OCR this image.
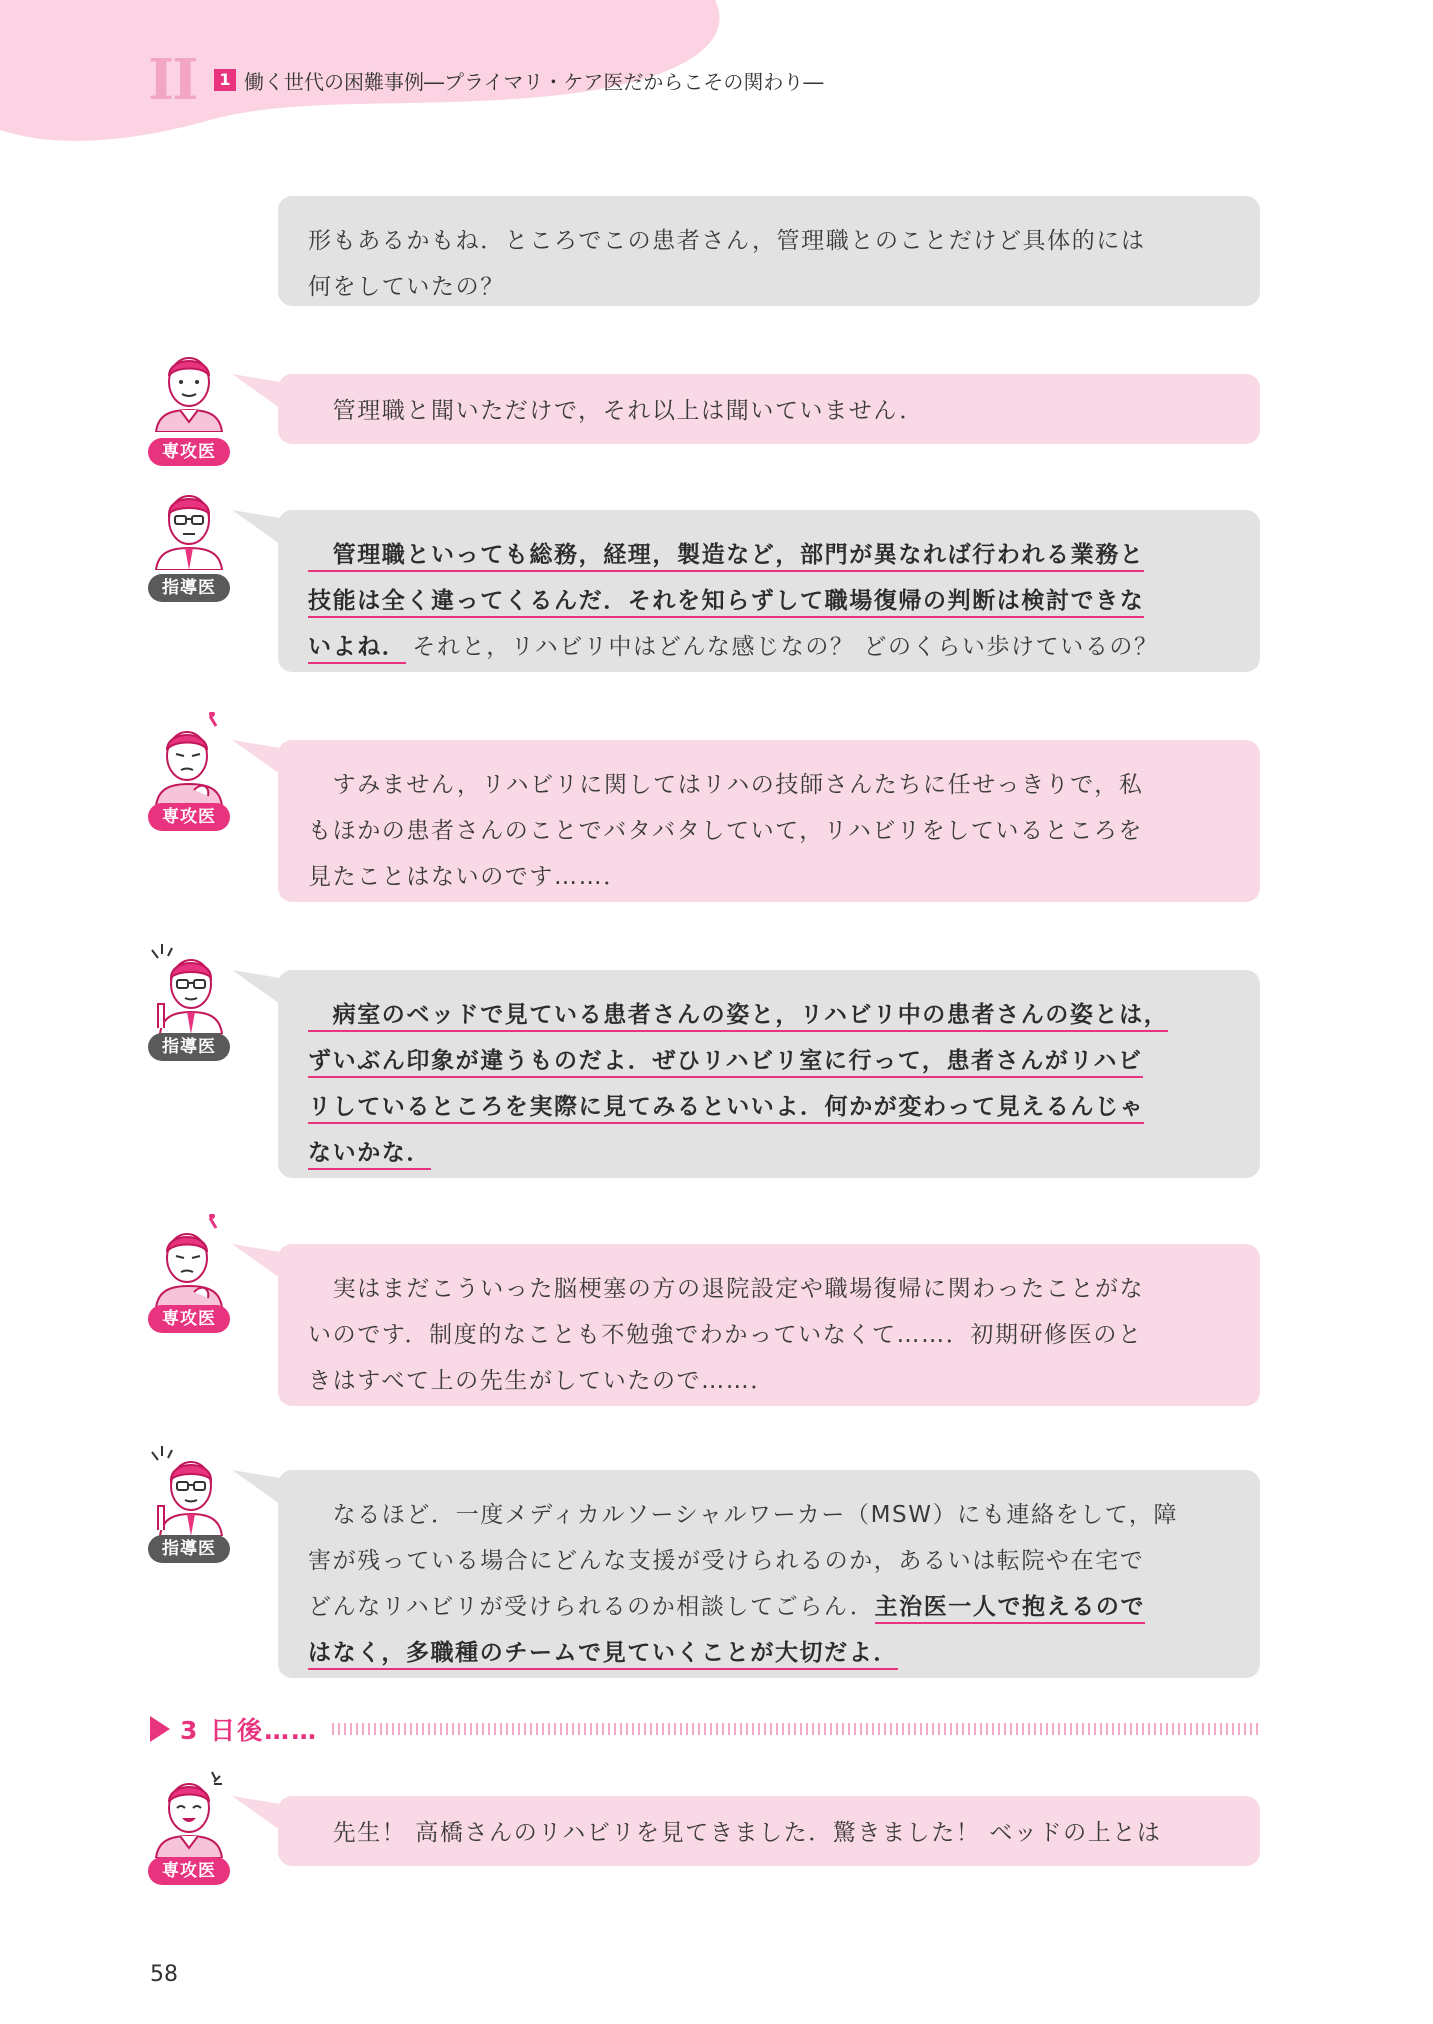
II	1 働く世代の困難事例―プライマリ・ケア医だからこその関わり―
形もあるかもね．ところでこの患者さん，管理職とのことだけど具体的には
何をしていたの？
専攻医
　管理職と聞いただけで，それ以上は聞いていません．
指導医
　管理職といっても総務，経理，製造など，部門が異なれば行われる業務と
技能は全く違ってくるんだ．それを知らずして職場復帰の判断は検討できな
いよね． それと，リハビリ中はどんな感じなの？ どのくらい歩けているの？
専攻医
　すみません，リハビリに関してはリハの技師さんたちに任せっきりで，私
もほかの患者さんのことでバタバタしていて，リハビリをしているところを
見たことはないのです……．
指導医
　病室のベッドで見ている患者さんの姿と，リハビリ中の患者さんの姿とは，
ずいぶん印象が違うものだよ．ぜひリハビリ室に行って，患者さんがリハビ
リしているところを実際に見てみるといいよ．何かが変わって見えるんじゃ
ないかな．
専攻医
　実はまだこういった脳梗塞の方の退院設定や職場復帰に関わったことがな
いのです．制度的なことも不勉強でわかっていなくて……．初期研修医のと
きはすべて上の先生がしていたので……．
指導医
　なるほど．一度メディカルソーシャルワーカー（MSW）にも連絡をして，障
害が残っている場合にどんな支援が受けられるのか，あるいは転院や在宅で
どんなリハビリが受けられるのか相談してごらん．主治医一人で抱えるので
はなく，多職種のチームで見ていくことが大切だよ．
3 日後……
専攻医
　先生！ 高橋さんのリハビリを見てきました．驚きました！ ベッドの上とは
58
